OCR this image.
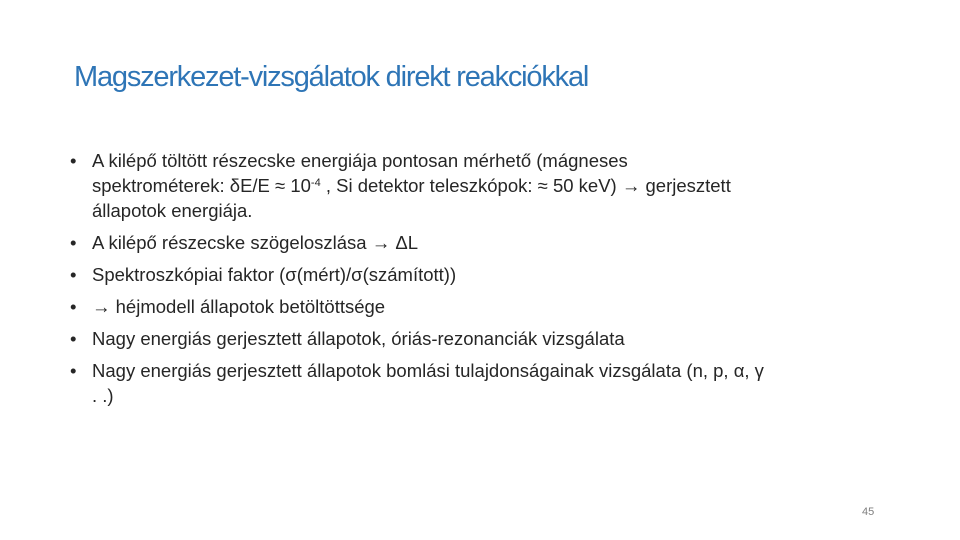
Magszerkezet-vizsgálatok direkt reakciókkal
• A kilépő töltött részecske energiája pontosan mérhető (mágneses
spektrométerek: $\delta E/E \approx 10^{-4}$ , Si detektor teleszkópok: ≈ 50 keV) → gerjesztett
állapotok energiája.
• A kilépő részecske szögeloszlása → ΔL
• Spektroszkópiai faktor (σ(mért)/σ(számított))
• → héjmodell állapotok betöltöttsége
• Nagy energiás gerjesztett állapotok, óriás-rezonanciák vizsgálata
• Nagy energiás gerjesztett állapotok bomlási tulajdonságainak vizsgálata (n, p, α, γ
. .)
45
